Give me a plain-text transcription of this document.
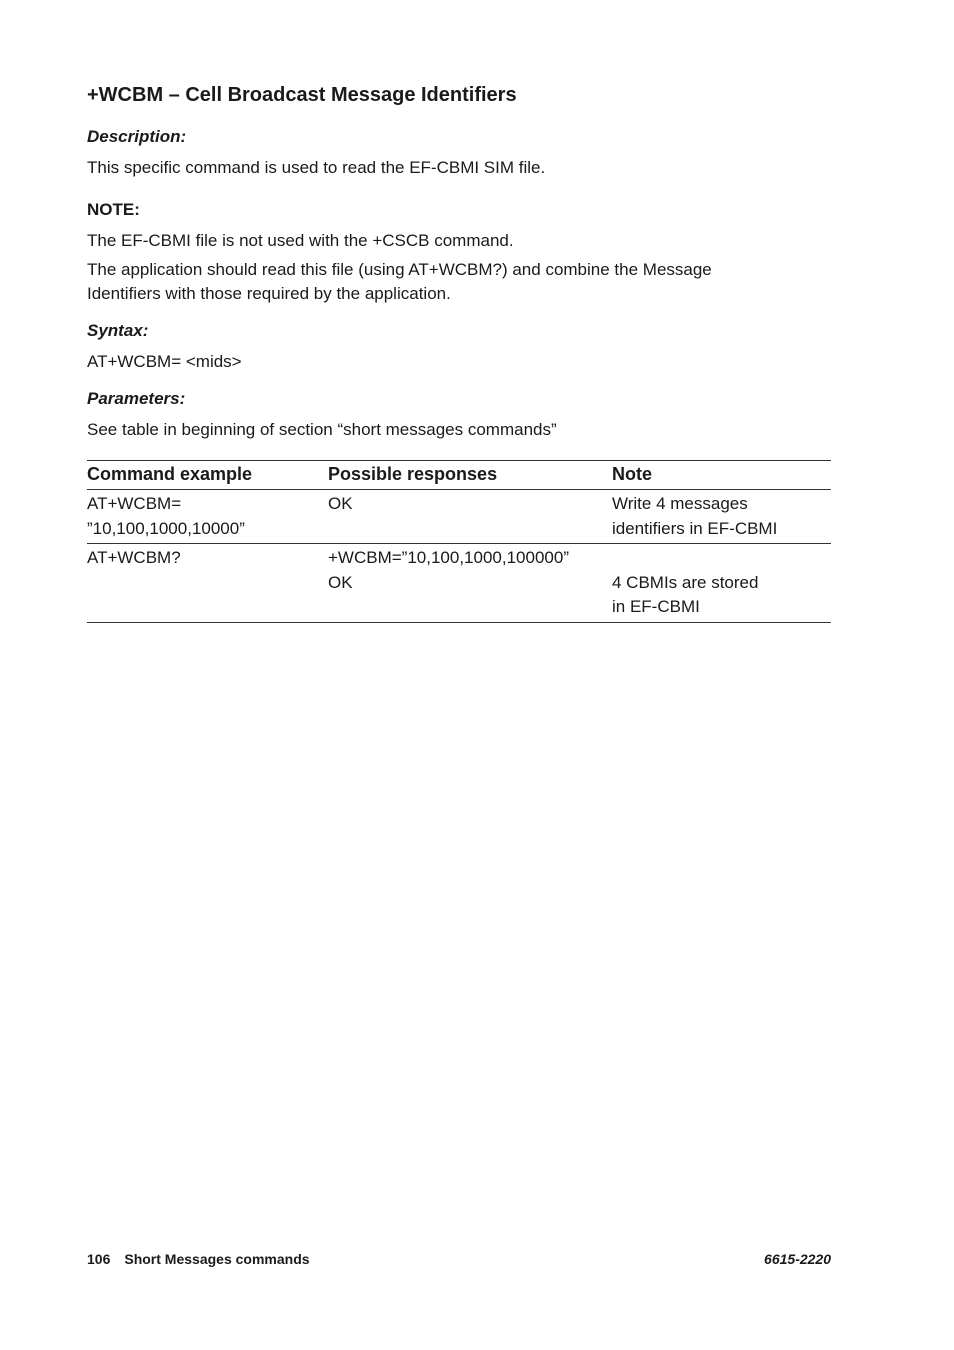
+WCBM – Cell Broadcast Message Identifiers

Description:

This specific command is used to read the EF-CBMI SIM file.

NOTE:

The EF-CBMI file is not used with the +CSCB command.

The application should read this file (using AT+WCBM?) and combine the Message Identifiers with those required by the application.

Syntax:

AT+WCBM= <mids>

Parameters:

See table in beginning of section “short messages commands”

Command example	Possible responses	Note

AT+WCBM=
”10,100,1000,10000”	OK	Write 4 messages
identifiers in EF-CBMI

AT+WCBM?	+WCBM=”10,100,1000,100000”
OK	4 CBMIs are stored
in EF-CBMI
106 Short Messages commands	6615-2220
